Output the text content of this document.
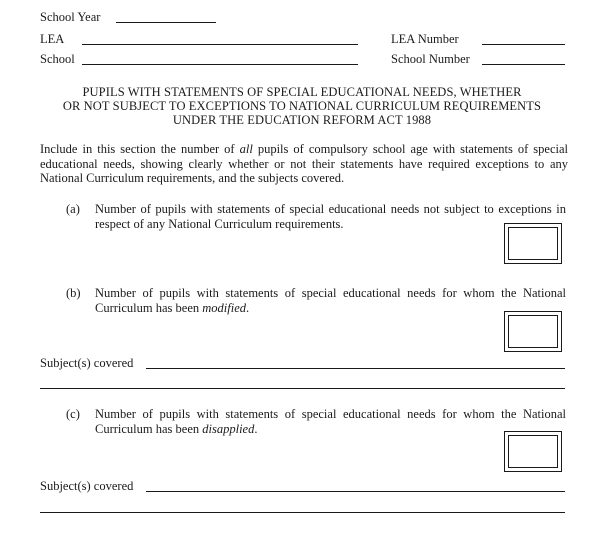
School Year
LEA	LEA Number
School	School Number
PUPILS WITH STATEMENTS OF SPECIAL EDUCATIONAL NEEDS, WHETHER
OR NOT SUBJECT TO EXCEPTIONS TO NATIONAL CURRICULUM REQUIREMENTS
UNDER THE EDUCATION REFORM ACT 1988
Include in this section the number of all pupils of compulsory school age with statements of special educational needs, showing clearly whether or not their statements have required exceptions to any National Curriculum requirements, and the subjects covered.
(a) Number of pupils with statements of special educational needs not subject to exceptions in respect of any National Curriculum requirements.
(b) Number of pupils with statements of special educational needs for whom the National Curriculum has been modified.
Subject(s) covered
(c) Number of pupils with statements of special educational needs for whom the National Curriculum has been disapplied.
Subject(s) covered
